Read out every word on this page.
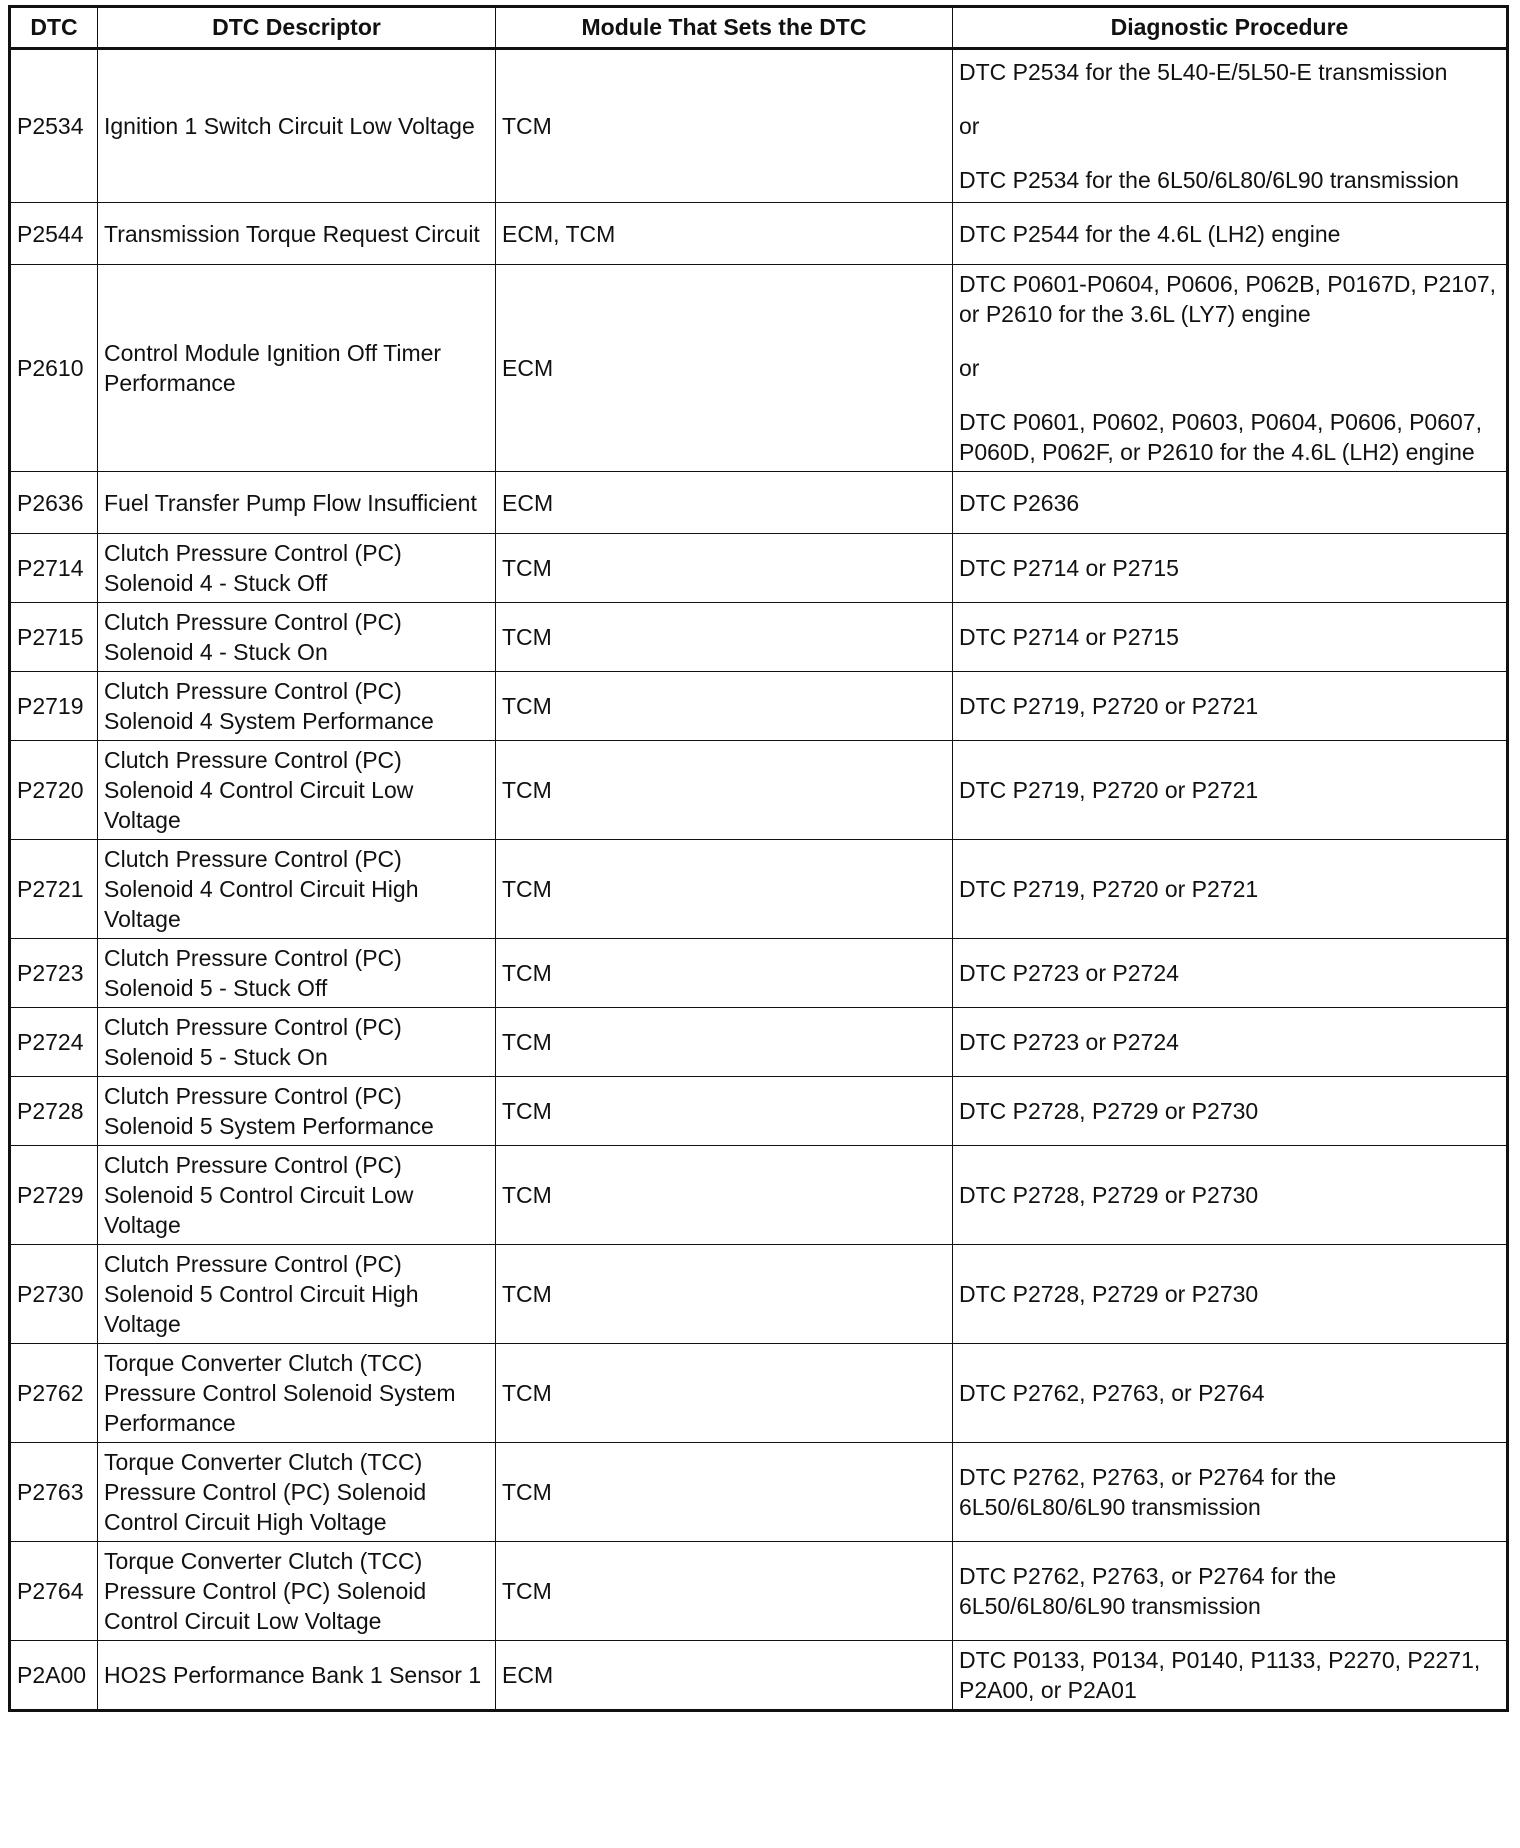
DTC	DTC Descriptor	Module That Sets the DTC	Diagnostic Procedure
P2534	Ignition 1 Switch Circuit Low Voltage	TCM	DTC P2534 for the 5L40-E/5L50-E transmission
or
DTC P2534 for the 6L50/6L80/6L90 transmission

P2544	Transmission Torque Request Circuit	ECM, TCM	DTC P2544 for the 4.6L (LH2) engine

P2610	Control Module Ignition Off Timer Performance	ECM	DTC P0601-P0604, P0606, P062B, P0167D, P2107, or P2610 for the 3.6L (LY7) engine
or
DTC P0601, P0602, P0603, P0604, P0606, P0607, P060D, P062F, or P2610 for the 4.6L (LH2) engine

P2636	Fuel Transfer Pump Flow Insufficient	ECM	DTC P2636

P2714	Clutch Pressure Control (PC) Solenoid 4 - Stuck Off	TCM	DTC P2714 or P2715

P2715	Clutch Pressure Control (PC) Solenoid 4 - Stuck On	TCM	DTC P2714 or P2715

P2719	Clutch Pressure Control (PC) Solenoid 4 System Performance	TCM	DTC P2719, P2720 or P2721

P2720	Clutch Pressure Control (PC) Solenoid 4 Control Circuit Low Voltage	TCM	DTC P2719, P2720 or P2721

P2721	Clutch Pressure Control (PC) Solenoid 4 Control Circuit High Voltage	TCM	DTC P2719, P2720 or P2721

P2723	Clutch Pressure Control (PC) Solenoid 5 - Stuck Off	TCM	DTC P2723 or P2724

P2724	Clutch Pressure Control (PC) Solenoid 5 - Stuck On	TCM	DTC P2723 or P2724

P2728	Clutch Pressure Control (PC) Solenoid 5 System Performance	TCM	DTC P2728, P2729 or P2730

P2729	Clutch Pressure Control (PC) Solenoid 5 Control Circuit Low Voltage	TCM	DTC P2728, P2729 or P2730

P2730	Clutch Pressure Control (PC) Solenoid 5 Control Circuit High Voltage	TCM	DTC P2728, P2729 or P2730

P2762	Torque Converter Clutch (TCC) Pressure Control Solenoid System Performance	TCM	DTC P2762, P2763, or P2764

P2763	Torque Converter Clutch (TCC) Pressure Control (PC) Solenoid Control Circuit High Voltage	TCM	DTC P2762, P2763, or P2764 for the 6L50/6L80/6L90 transmission

P2764	Torque Converter Clutch (TCC) Pressure Control (PC) Solenoid Control Circuit Low Voltage	TCM	DTC P2762, P2763, or P2764 for the 6L50/6L80/6L90 transmission

P2A00	HO2S Performance Bank 1 Sensor 1	ECM	DTC P0133, P0134, P0140, P1133, P2270, P2271, P2A00, or P2A01
